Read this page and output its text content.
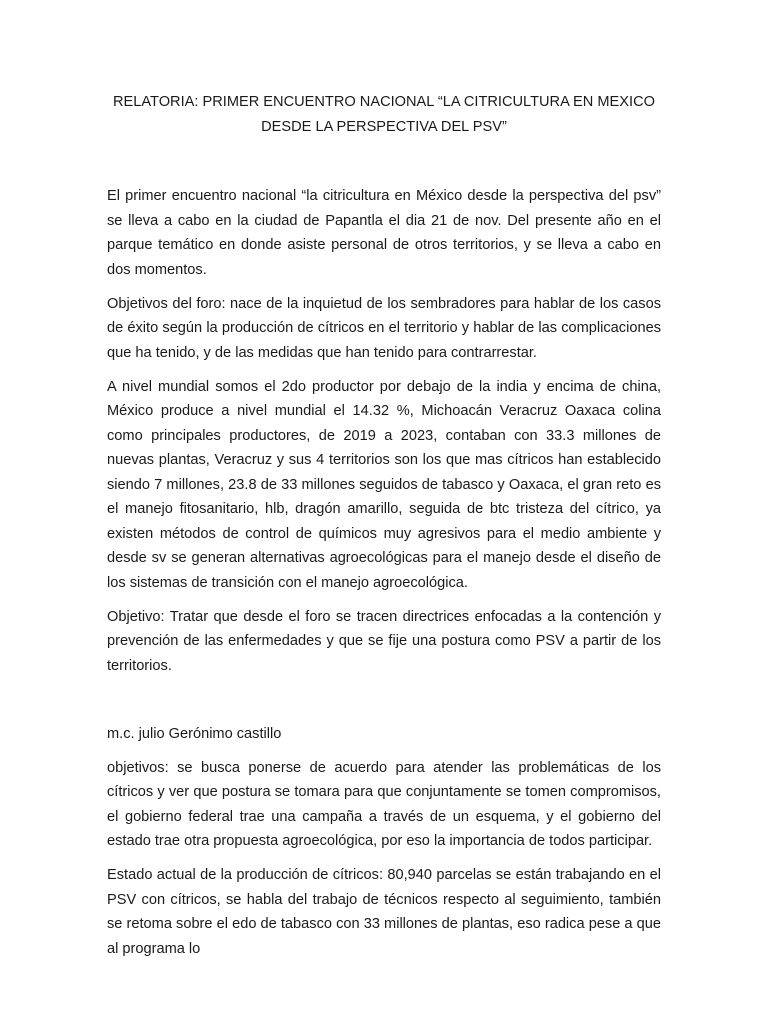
RELATORIA: PRIMER ENCUENTRO NACIONAL “LA CITRICULTURA EN MEXICO
DESDE LA PERSPECTIVA DEL PSV”

El primer encuentro nacional “la citricultura en México desde la perspectiva del psv” se lleva a cabo en la ciudad de Papantla el dia 21 de nov. Del presente año en el parque temático en donde asiste personal de otros territorios, y se lleva a cabo en dos momentos.

Objetivos del foro: nace de la inquietud de los sembradores para hablar de los casos de éxito según la producción de cítricos en el territorio y hablar de las complicaciones que ha tenido, y de las medidas que han tenido para contrarrestar.

A nivel mundial somos el 2do productor por debajo de la india y encima de china, México produce a nivel mundial el 14.32 %, Michoacán Veracruz Oaxaca colina como principales productores, de 2019 a 2023, contaban con 33.3 millones de nuevas plantas, Veracruz y sus 4 territorios son los que mas cítricos han establecido siendo 7 millones, 23.8 de 33 millones seguidos de tabasco y Oaxaca, el gran reto es el manejo fitosanitario, hlb, dragón amarillo, seguida de btc tristeza del cítrico, ya existen métodos de control de químicos muy agresivos para el medio ambiente y desde sv se generan alternativas agroecológicas para el manejo desde el diseño de los sistemas de transición con el manejo agroecológica.

Objetivo: Tratar que desde el foro se tracen directrices enfocadas a la contención y prevención de las enfermedades y que se fije una postura como PSV a partir de los territorios.

m.c. julio Gerónimo castillo

objetivos: se busca ponerse de acuerdo para atender las problemáticas de los cítricos y ver que postura se tomara para que conjuntamente se tomen compromisos, el gobierno federal trae una campaña a través de un esquema, y el gobierno del estado trae otra propuesta agroecológica, por eso la importancia de todos participar.

Estado actual de la producción de cítricos: 80,940 parcelas se están trabajando en el PSV con cítricos, se habla del trabajo de técnicos respecto al seguimiento, también se retoma sobre el edo de tabasco con 33 millones de plantas, eso radica pese a que al programa lo
